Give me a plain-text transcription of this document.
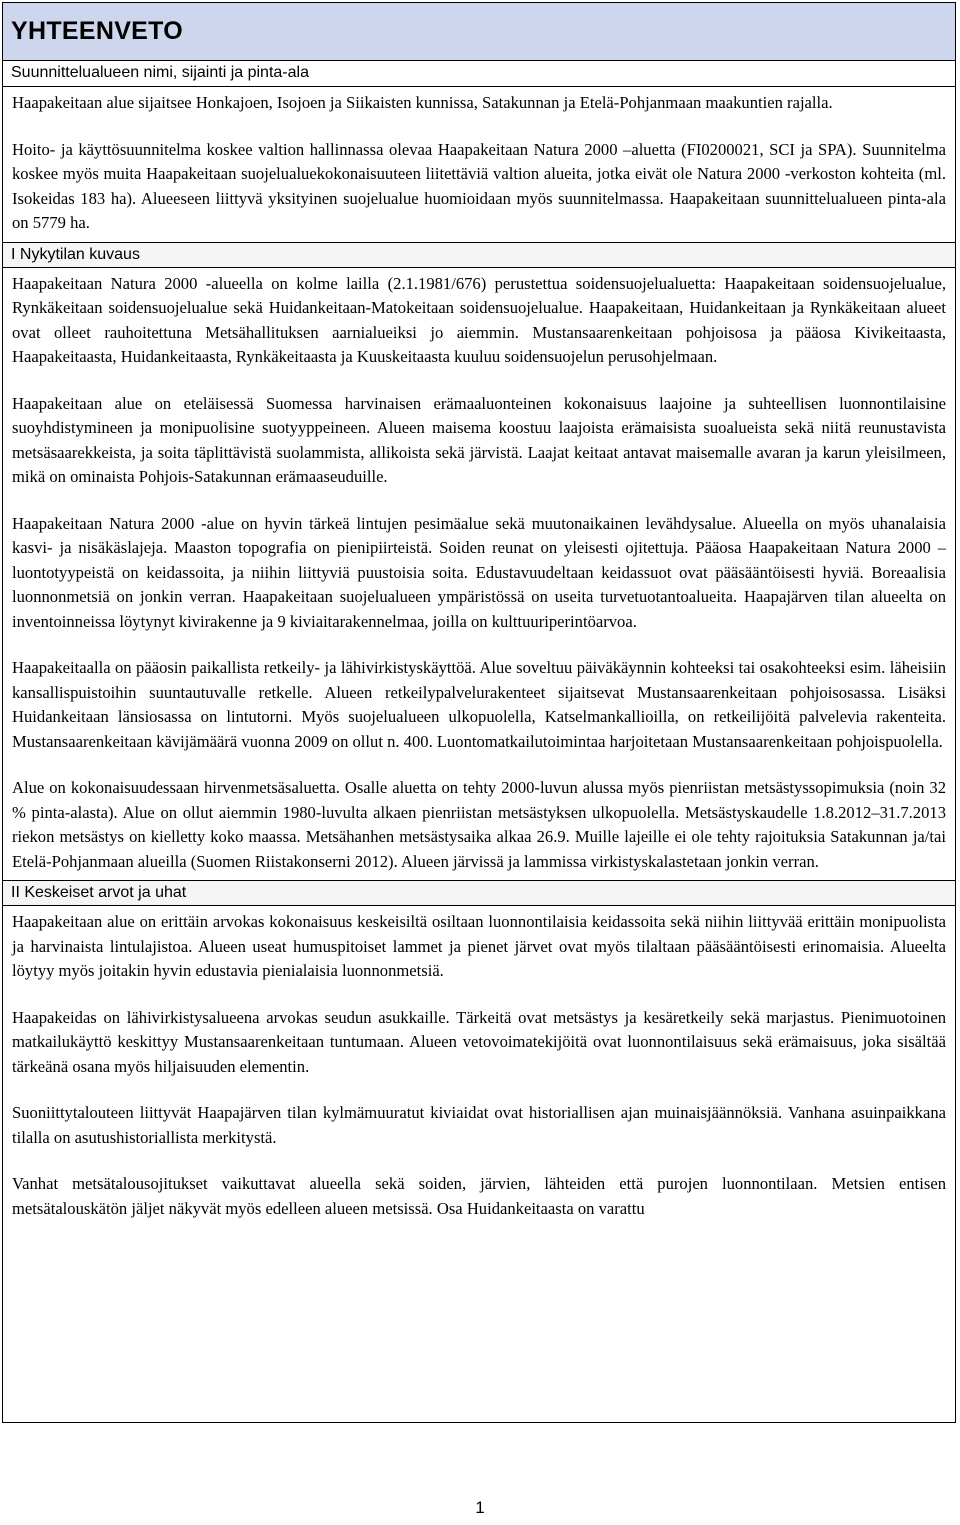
YHTEENVETO
Suunnittelualueen nimi, sijainti ja pinta-ala

Haapakeitaan alue sijaitsee Honkajoen, Isojoen ja Siikaisten kunnissa, Satakunnan ja Etelä-Pohjanmaan maakuntien rajalla.

Hoito- ja käyttösuunnitelma koskee valtion hallinnassa olevaa Haapakeitaan Natura 2000 –aluetta (FI0200021, SCI ja SPA). Suunnitelma koskee myös muita Haapakeitaan suojelualuekokonaisuuteen liitettäviä valtion alueita, jotka eivät ole Natura 2000 -verkoston kohteita (ml. Isokeidas 183 ha). Alueeseen liittyvä yksityinen suojelualue huomioidaan myös suunnitelmassa. Haapakeitaan suunnittelualueen pinta-ala on 5779 ha.

I Nykytilan kuvaus

Haapakeitaan Natura 2000 -alueella on kolme lailla (2.1.1981/676) perustettua soidensuojelualuetta: Haapakeitaan soidensuojelualue, Rynkäkeitaan soidensuojelualue sekä Huidankeitaan-Matokeitaan soidensuojelualue. Haapakeitaan, Huidankeitaan ja Rynkäkeitaan alueet ovat olleet rauhoitettuna Metsähallituksen aarnialueiksi jo aiemmin. Mustansaarenkeitaan pohjoisosa ja pääosa Kivikeitaasta, Haapakeitaasta, Huidankeitaasta, Rynkäkeitaasta ja Kuuskeitaasta kuuluu soidensuojelun perusohjelmaan.

Haapakeitaan alue on eteläisessä Suomessa harvinaisen erämaaluonteinen kokonaisuus laajoine ja suhteellisen luonnontilaisine suoyhdistymineen ja monipuolisine suotyyppeineen. Alueen maisema koostuu laajoista erämaisista suoalueista sekä niitä reunustavista metsäsaarekkeista, ja soita täplittävistä suolammista, allikoista sekä järvistä. Laajat keitaat antavat maisemalle avaran ja karun yleisilmeen, mikä on ominaista Pohjois-Satakunnan erämaaseuduille.

Haapakeitaan Natura 2000 -alue on hyvin tärkeä lintujen pesimäalue sekä muutonaikainen levähdysalue. Alueella on myös uhanalaisia kasvi- ja nisäkäslajeja. Maaston topografia on pienipiirteistä. Soiden reunat on yleisesti ojitettuja. Pääosa Haapakeitaan Natura 2000 –luontotyypeistä on keidassoita, ja niihin liittyviä puustoisia soita. Edustavuudeltaan keidassuot ovat pääsääntöisesti hyviä. Boreaalisia luonnonmetsiä on jonkin verran. Haapakeitaan suojelualueen ympäristössä on useita turvetuotantoalueita. Haapajärven tilan alueelta on inventoinneissa löytynyt kivirakenne ja 9 kiviaitarakennelmaa, joilla on kulttuuriperintöarvoa.

Haapakeitaalla on pääosin paikallista retkeily- ja lähivirkistyskäyttöä. Alue soveltuu päiväkäynnin kohteeksi tai osakohteeksi esim. läheisiin kansallispuistoihin suuntautuvalle retkelle. Alueen retkeilypalvelurakenteet sijaitsevat Mustansaarenkeitaan pohjoisosassa. Lisäksi Huidankeitaan länsiosassa on lintutorni. Myös suojelualueen ulkopuolella, Katselmankallioilla, on retkeilijöitä palvelevia rakenteita. Mustansaarenkeitaan kävijämäärä vuonna 2009 on ollut n. 400. Luontomatkailutoimintaa harjoitetaan Mustansaarenkeitaan pohjoispuolella.

Alue on kokonaisuudessaan hirvenmetsäsaluetta. Osalle aluetta on tehty 2000-luvun alussa myös pienriistan metsästyssopimuksia (noin 32 % pinta-alasta). Alue on ollut aiemmin 1980-luvulta alkaen pienriistan metsästyksen ulkopuolella. Metsästyskaudelle 1.8.2012–31.7.2013 riekon metsästys on kielletty koko maassa. Metsähanhen metsästysaika alkaa 26.9. Muille lajeille ei ole tehty rajoituksia Satakunnan ja/tai Etelä-Pohjanmaan alueilla (Suomen Riistakonserni 2012). Alueen järvissä ja lammissa virkistyskalastetaan jonkin verran.

II Keskeiset arvot ja uhat

Haapakeitaan alue on erittäin arvokas kokonaisuus keskeisiltä osiltaan luonnontilaisia keidassoita sekä niihin liittyvää erittäin monipuolista ja harvinaista lintulajistoa. Alueen useat humuspitoiset lammet ja pienet järvet ovat myös tilaltaan pääsääntöisesti erinomaisia. Alueelta löytyy myös joitakin hyvin edustavia pienialaisia luonnonmetsiä.

Haapakeidas on lähivirkistysalueena arvokas seudun asukkaille. Tärkeitä ovat metsästys ja kesäretkeily sekä marjastus. Pienimuotoinen matkailukäyttö keskittyy Mustansaarenkeitaan tuntumaan. Alueen vetovoimatekijöitä ovat luonnontilaisuus sekä erämaisuus, joka sisältää tärkeänä osana myös hiljaisuuden elementin.

Suoniittytalouteen liittyvät Haapajärven tilan kylmämuuratut kiviaidat ovat historiallisen ajan muinaisjäännöksiä. Vanhana asuinpaikkana tilalla on asutushistoriallista merkitystä.

Vanhat metsätalousojitukset vaikuttavat alueella sekä soiden, järvien, lähteiden että purojen luonnontilaan. Metsien entisen metsätalouskätön jäljet näkyvät myös edelleen alueen metsissä. Osa Huidankeitaasta on varattu

1
